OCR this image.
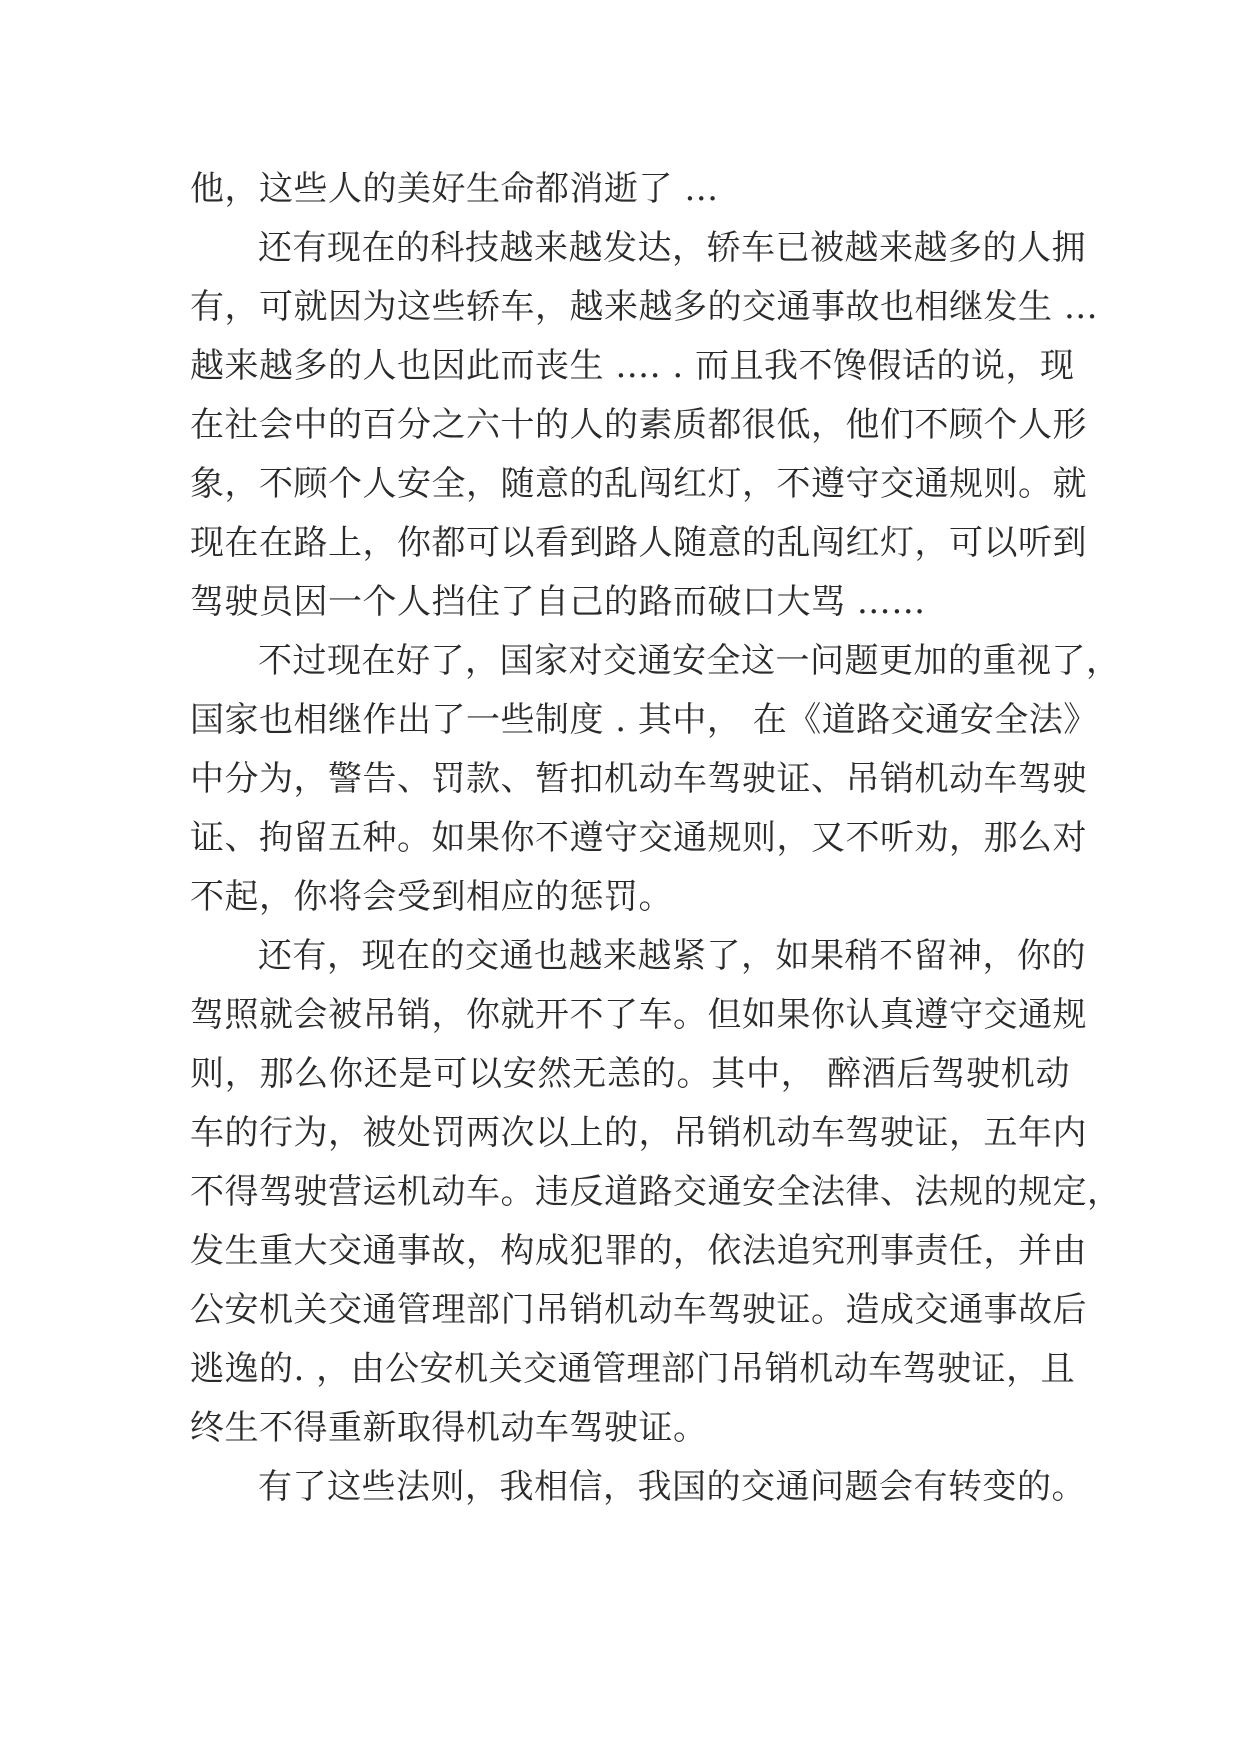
他，这些人的美好生命都消逝了 …
还有现在的科技越来越发达，轿车已被越来越多的人拥
有，可就因为这些轿车，越来越多的交通事故也相继发生 …
越来越多的人也因此而丧生 …. . 而且我不馋假话的说，现
在社会中的百分之六十的人的素质都很低，他们不顾个人形
象，不顾个人安全，随意的乱闯红灯，不遵守交通规则。就
现在在路上，你都可以看到路人随意的乱闯红灯，可以听到
驾驶员因一个人挡住了自己的路而破口大骂 ……
不过现在好了，国家对交通安全这一问题更加的重视了，
国家也相继作出了一些制度 . 其中， 在《道路交通安全法》
中分为，警告、罚款、暂扣机动车驾驶证、吊销机动车驾驶
证、拘留五种。如果你不遵守交通规则，又不听劝，那么对
不起，你将会受到相应的惩罚。
还有，现在的交通也越来越紧了，如果稍不留神，你的
驾照就会被吊销，你就开不了车。但如果你认真遵守交通规
则，那么你还是可以安然无恙的。其中， 醉酒后驾驶机动
车的行为，被处罚两次以上的，吊销机动车驾驶证，五年内
不得驾驶营运机动车。违反道路交通安全法律、法规的规定，
发生重大交通事故，构成犯罪的，依法追究刑事责任，并由
公安机关交通管理部门吊销机动车驾驶证。造成交通事故后
逃逸的. ，由公安机关交通管理部门吊销机动车驾驶证，且
终生不得重新取得机动车驾驶证。
有了这些法则，我相信，我国的交通问题会有转变的。
